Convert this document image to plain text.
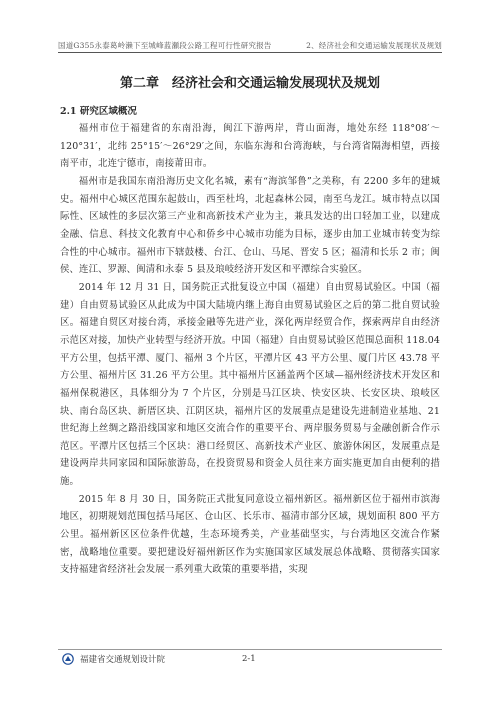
国道G355永泰葛岭濑下至城峰蓝瀬段公路工程可行性研究报告	2、经济社会和交通运输发展现状及规划
第二章　经济社会和交通运输发展现状及规划
2.1 研究区域概况

福州市位于福建省的东南沿海，闽江下游两岸，背山面海，地处东经 118°08′～120°31′，北纬 25°15′～26°29′之间，东临东海和台湾海峡，与台湾省隔海相望，西接南平市，北连宁德市，南接莆田市。

福州市是我国东南沿海历史文化名城，素有“海滨邹鲁”之美称，有 2200 多年的建城史。福州中心城区范围东起鼓山，西至杜坞，北起森林公园，南至乌龙江。城市特点以国际性、区域性的多层次第三产业和高新技术产业为主，兼具发达的出口轻加工业，以建成金融、信息、科技文化教育中心和侨乡中心城市功能为目标，逐步由加工业城市转变为综合性的中心城市。福州市下辖鼓楼、台江、仓山、马尾、晋安 5 区；福清和长乐 2 市；闽侯、连江、罗源、闽清和永泰 5 县及琅岐经济开发区和平潭综合实验区。

2014 年 12 月 31 日，国务院正式批复设立中国（福建）自由贸易试验区。中国（福建）自由贸易试验区从此成为中国大陆境内继上海自由贸易试验区之后的第二批自贸试验区。福建自贸区对接台湾，承接金融等先进产业，深化两岸经贸合作，探索两岸自由经济示范区对接，加快产业转型与经济开放。中国（福建）自由贸易试验区范围总面积 118.04 平方公里，包括平潭、厦门、福州 3 个片区，平潭片区 43 平方公里、厦门片区 43.78 平方公里、福州片区 31.26 平方公里。其中福州片区涵盖两个区域—福州经济技术开发区和福州保税港区，具体细分为 7 个片区，分别是马江区块、快安区块、长安区块、琅岐区块、南台岛区块、新厝区块、江阴区块，福州片区的发展重点是建设先进制造业基地、21 世纪海上丝绸之路沿线国家和地区交流合作的重要平台、两岸服务贸易与金融创新合作示范区。平潭片区包括三个区块：港口经贸区、高新技术产业区、旅游休闲区，发展重点是建设两岸共同家园和国际旅游岛，在投资贸易和资金人员往来方面实施更加自由便利的措施。

2015 年 8 月 30 日，国务院正式批复同意设立福州新区。福州新区位于福州市滨海地区，初期规划范围包括马尾区、仓山区、长乐市、福清市部分区域，规划面积 800 平方公里。福州新区区位条件优越，生态环境秀美，产业基础坚实，与台湾地区交流合作紧密，战略地位重要。要把建设好福州新区作为实施国家区域发展总体战略、贯彻落实国家支持福建省经济社会发展一系列重大政策的重要举措，实现

福建省交通规划设计院	2-1
